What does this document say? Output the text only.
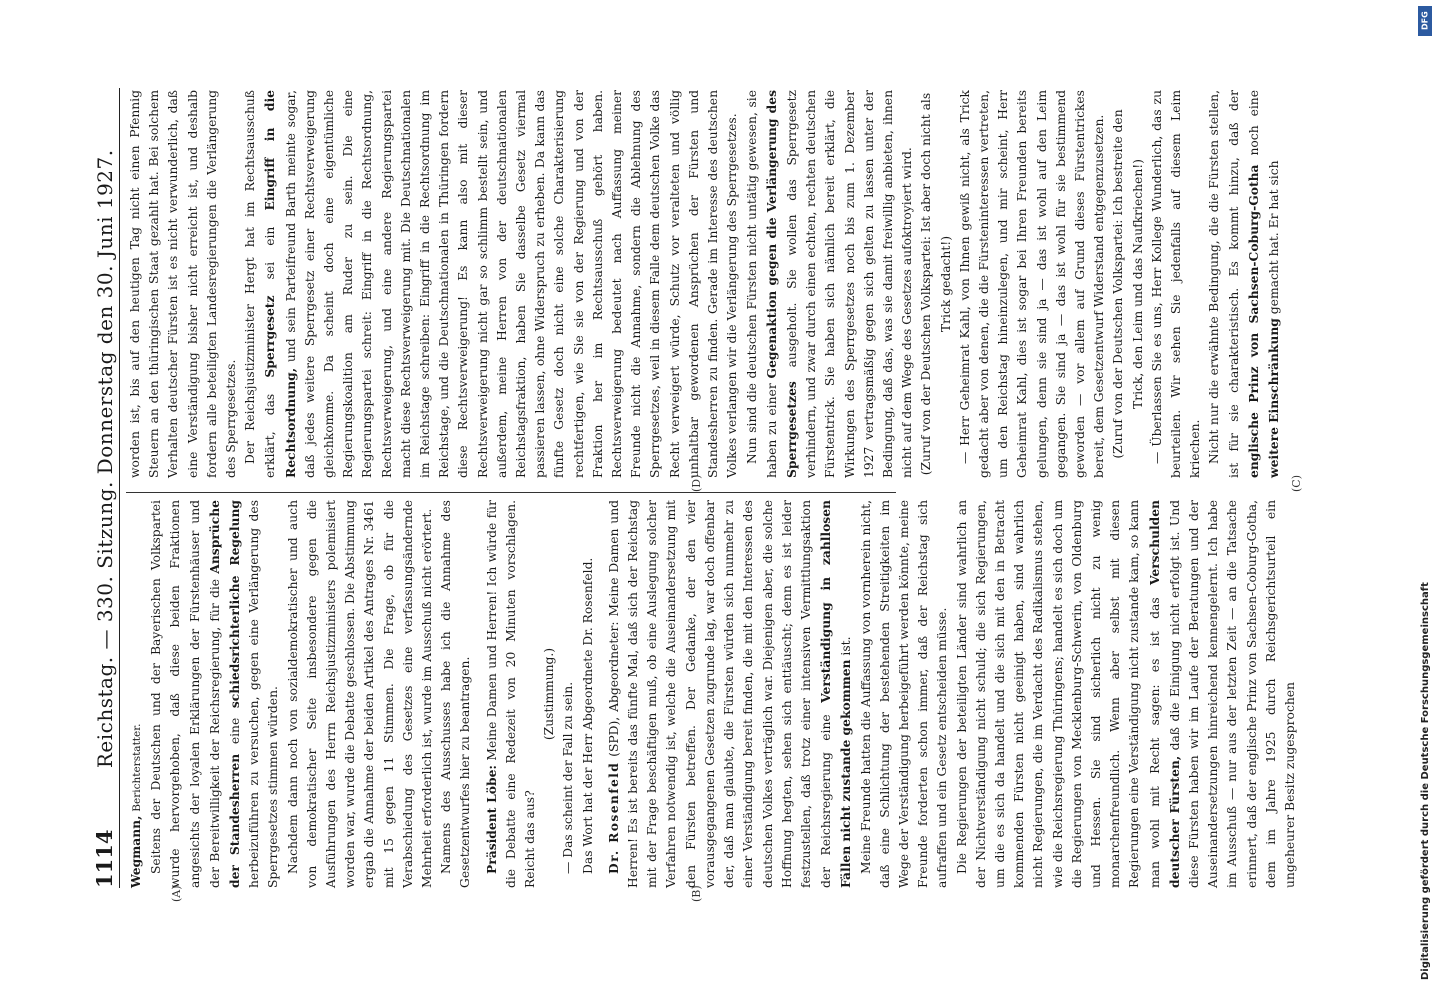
1114
Reichstag. — 330. Sitzung. Donnerstag den 30. Juni 1927.
(A)	(B)
(C)
(D)

Wegmann, Berichterstatter. Seitens der Deutschen und der Bayerischen Volkspartei wurde hervorgehoben, daß diese beiden Fraktionen angesichts der loyalen Erklärungen der Fürstenhäuser und der Bereitwilligkeit der Reichsregierung, für die Ansprüche der Standesherren eine schiedsrichterliche Regelung herbeizuführen zu versuchen, gegen eine Verlängerung des Sperrgesetzes stimmen würden. Nachdem dann noch von sozialdemokratischer und auch von demokratischer Seite insbesondere gegen die Ausführungen des Herrn Reichsjustizministers polemisiert worden war, wurde die Debatte geschlossen. Die Abstimmung ergab die Annahme der beiden Artikel des Antrages Nr. 3461 mit 15 gegen 11 Stimmen. Die Frage, ob für die Verabschiedung des Gesetzes eine verfassungsändernde Mehrheit erforderlich ist, wurde im Ausschuß nicht erörtert. Namens des Ausschusses habe ich die Annahme des Gesetzentwurfes hier zu beantragen. Präsident Löbe: Meine Damen und Herren! Ich würde für die Debatte eine Redezeit von 20 Minuten vorschlagen. Reicht das aus?

(Zustimmung.) — Das scheint der Fall zu sein. Das Wort hat der Herr Abgeordnete Dr. Rosenfeld. Dr. Rosenfeld (SPD), Abgeordneter: Meine Damen und Herren! Es ist bereits das fünfte Mal, daß sich der Reichstag mit der Frage beschäftigen muß, ob eine Auslegung solcher Verfahren notwendig ist, welche die Auseinandersetzung mit den Fürsten betreffen. Der Gedanke, der den vier vorausgegangenen Gesetzen zugrunde lag, war doch offenbar der, daß man glaubte, die Fürsten würden sich nunmehr zu einer Verständigung bereit finden, die mit den Interessen des deutschen Volkes verträglich war. Diejenigen aber, die solche Hoffnung hegten, sehen sich enttäuscht; denn es ist leider festzustellen, daß trotz einer intensiven Vermittlungsaktion der Reichsregierung eine Verständigung in zahllosen Fällen nicht zustande gekommen ist. Meine Freunde hatten die Auffassung von vornherein nicht, daß eine Schlichtung der bestehenden Streitigkeiten im Wege der Verständigung herbeigeführt werden könnte, meine Freunde forderten schon immer, daß der Reichstag sich aufraffen und ein Gesetz entscheiden müsse. Die Regierungen der beteiligten Länder sind wahrlich an der Nichtverständigung nicht schuld; die sich Regierungen, um die es sich da handelt und die sich mit den in Betracht kommenden Fürsten nicht geeinigt haben, sind wahrlich nicht Regierungen, die im Verdacht des Radikalismus stehen, wie die Reichsregierung Thüringens; handelt es sich doch um die Regierungen von Mecklenburg-Schwerin, von Oldenburg und Hessen. Sie sind sicherlich nicht zu wenig monarchenfreundlich. Wenn aber selbst mit diesen Regierungen eine Verständigung nicht zustande kam, so kann man wohl mit Recht sagen: es ist das Verschulden deutscher Fürsten, daß die Einigung nicht erfolgt ist. Und diese Fürsten haben wir im Laufe der Beratungen und der Auseinandersetzungen hinreichend kennengelernt. Ich habe im Ausschuß — nur aus der letzten Zeit — an die Tatsache erinnert, daß der englische Prinz von Sachsen-Coburg-Gotha, dem im Jahre 1925 durch Reichsgerichtsurteil ein ungeheurer Besitz zugesprochen

worden ist, bis auf den heutigen Tag nicht einen Pfennig Steuern an den thüringischen Staat gezahlt hat. Bei solchem Verhalten deutscher Fürsten ist es nicht verwunderlich, daß eine Verständigung bisher nicht erreicht ist, und deshalb fordern alle beteiligten Landesregierungen die Verlängerung des Sperrgesetzes. Der Reichsjustizminister Hergt hat im Rechtsausschuß erklärt, das Sperrgesetz sei ein Eingriff in die Rechtsordnung, und sein Parteifreund Barth meinte sogar, daß jedes weitere Sperrgesetz einer Rechtsverweigerung gleichkomme. Da scheint doch eine eigentümliche Regierungskoalition am Ruder zu sein. Die eine Regierungspartei schreit: Eingriff in die Rechtsordnung, Rechtsverweigerung, und eine andere Regierungspartei macht diese Rechtsverweigerung mit. Die Deutschnationalen im Reichstage schreiben: Eingriff in die Rechtsordnung im Reichstage, und die Deutschnationalen in Thüringen fordern diese Rechtsverweigerung! Es kann also mit dieser Rechtsverweigerung nicht gar so schlimm bestellt sein, und außerdem, meine Herren von der deutschnationalen Reichstagsfraktion, haben Sie dasselbe Gesetz viermal passieren lassen, ohne Widerspruch zu erheben. Da kann das fünfte Gesetz doch nicht eine solche Charakterisierung rechtfertigen, wie Sie sie von der Regierung und von der Fraktion her im Rechtsausschuß gehört haben. Rechtsverweigerung bedeutet nach Auffassung meiner Freunde nicht die Annahme, sondern die Ablehnung des Sperrgesetzes, weil in diesem Falle dem deutschen Volke das Recht verweigert würde, Schutz vor veralteten und völlig unhaltbar gewordenen Ansprüchen der Fürsten und Standesherren zu finden. Gerade im Interesse des deutschen Volkes verlangen wir die Verlängerung des Sperrgesetzes. Nun sind die deutschen Fürsten nicht untätig gewesen, sie haben zu einer Gegenaktion gegen die Verlängerung des Sperrgesetzes ausgeholt. Sie wollen das Sperrgesetz verhindern, und zwar durch einen echten, rechten deutschen Fürstentrick. Sie haben sich nämlich bereit erklärt, die Wirkungen des Sperrgesetzes noch bis zum 1. Dezember 1927 vertragsmäßig gegen sich gelten zu lassen unter der Bedingung, daß das, was sie damit freiwillig anbieten, ihnen nicht auf dem Wege des Gesetzes aufoktroyiert wird. (Zuruf von der Deutschen Volkspartei: Ist aber doch nicht als Trick gedacht!) — Herr Geheimrat Kahl, von Ihnen gewiß nicht, als Trick gedacht aber von denen, die die Fürsteninteressen vertreten, um den Reichstag hineinzulegen, und mir scheint, Herr Geheimrat Kahl, dies ist sogar bei Ihren Freunden bereits gelungen, denn sie sind ja — das ist wohl auf den Leim gegangen. Sie sind ja — das ist wohl für sie bestimmend geworden — vor allem auf Grund dieses Fürstentrickes bereit, dem Gesetzentwurf Widerstand entgegenzusetzen. (Zuruf von der Deutschen Volkspartei: Ich bestreite den Trick, den Leim und das Naufkriechen!) — Überlassen Sie es uns, Herr Kollege Wunderlich, das zu beurteilen. Wir sehen Sie jedenfalls auf diesem Leim kriechen. Nicht nur die erwähnte Bedingung, die die Fürsten stellen, ist für sie charakteristisch. Es kommt hinzu, daß der englische Prinz von Sachsen-Coburg-Gotha noch eine weitere Einschränkung gemacht hat. Er hat sich

DFG
Digitalisierung gefördert durch die Deutsche Forschungsgemeinschaft
